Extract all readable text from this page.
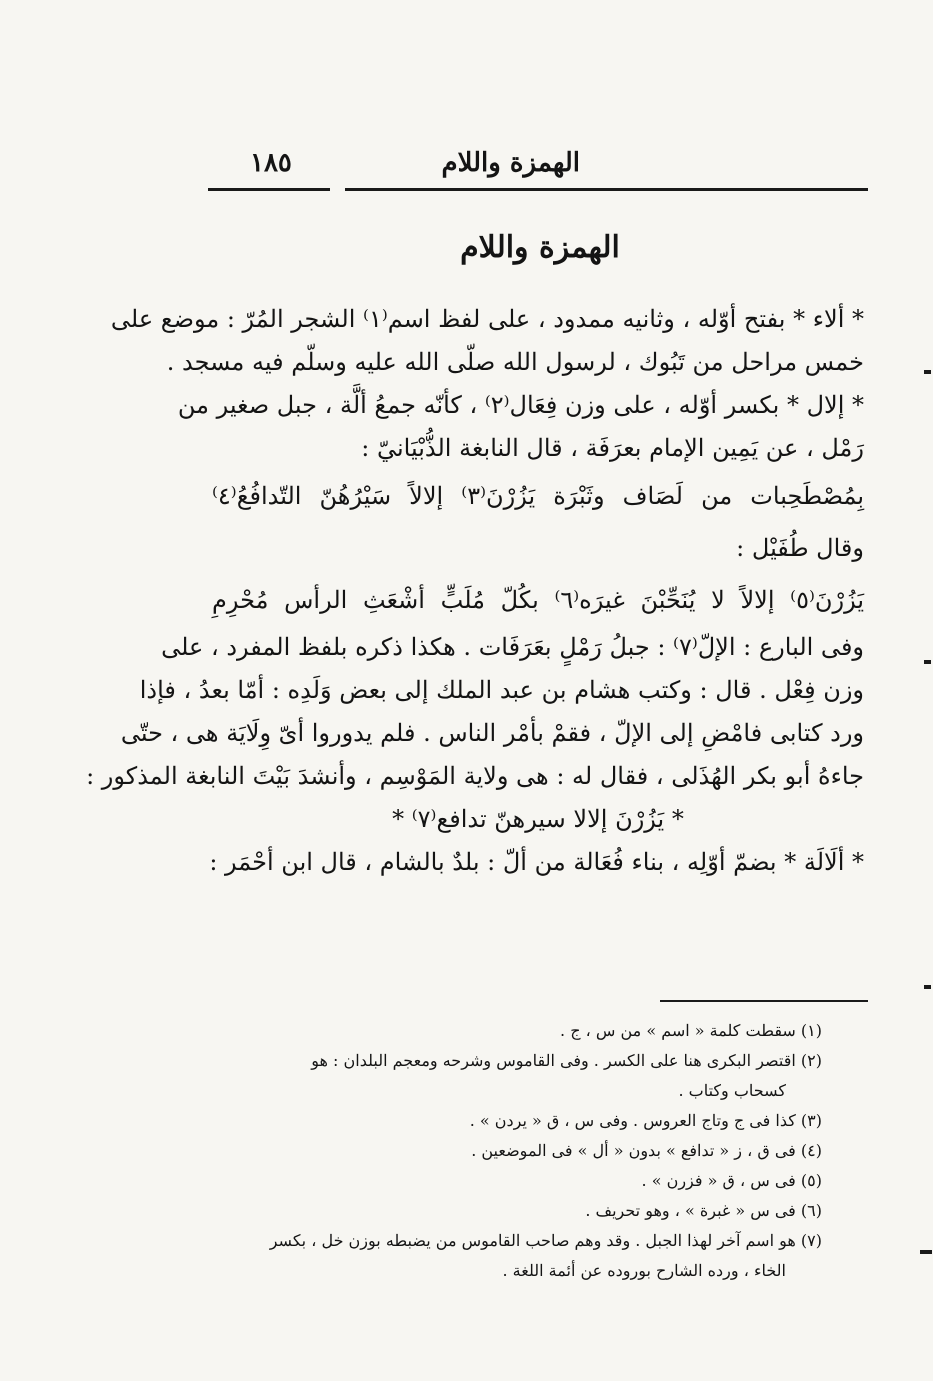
الهمزة واللام
١٨٥
الهمزة واللام
* ألاء * بفتح أوّله ، وثانيه ممدود ، على لفظ اسم⁽١⁾ الشجر المُرّ : موضع على
خمس مراحل من تَبُوك ، لرسول الله صلّى الله عليه وسلّم فيه مسجد .
* إلال * بكسر أوّله ، على وزن فِعَال⁽٢⁾ ، كأنّه جمعُ ألَّة ، جبل صغير من
رَمْل ، عن يَمِين الإمام بعرَفَة ، قال النابغة الذُّبْيَانيّ :
بِمُصْطَحِبات من لَصَاف وثَبْرَة يَزُرْنَ⁽٣⁾ إلالاً سَيْرُهُنّ التّدافُعُ⁽٤⁾
وقال طُفَيْل :
يَزُرْنَ⁽٥⁾ إلالاً لا يُنَحِّبْنَ غيرَه⁽٦⁾ بكُلّ مُلَبٍّ أشْعَثِ الرأس مُحْرِمِ
وفى البارع : الإلّ⁽٧⁾ : جبلُ رَمْلٍ بعَرَفَات . هكذا ذكره بلفظ المفرد ، على
وزن فِعْل . قال : وكتب هشام بن عبد الملك إلى بعض وَلَدِه : أمّا بعدُ ، فإذا
ورد كتابى فامْضِ إلى الإلّ ، فقمْ بأمْر الناس . فلم يدوروا أىّ وِلَايَة هى ، حتّى
جاءهُ أبو بكر الهُذَلى ، فقال له : هى ولاية المَوْسِم ، وأنشدَ بَيْتَ النابغة المذكور :
* يَزُرْنَ إلالا سيرهنّ تدافع⁽٧⁾ *
* ألَالَة * بضمّ أوّلِه ، بناء فُعَالة من ألّ : بلدٌ بالشام ، قال ابن أحْمَر :
(١) سقطت كلمة « اسم » من س ، ج .
(٢) اقتصر البكرى هنا على الكسر . وفى القاموس وشرحه ومعجم البلدان : هو
كسحاب وكتاب .
(٣) كذا فى ج وتاج العروس . وفى س ، ق « يردن » .
(٤) فى ق ، ز « تدافع » بدون « أل » فى الموضعين .
(٥) فى س ، ق « فزرن » .
(٦) فى س « غبرة » ، وهو تحريف .
(٧) هو اسم آخر لهذا الجبل . وقد وهم صاحب القاموس من يضبطه بوزن خل ، بكسر
الخاء ، ورده الشارح بوروده عن أئمة اللغة .
